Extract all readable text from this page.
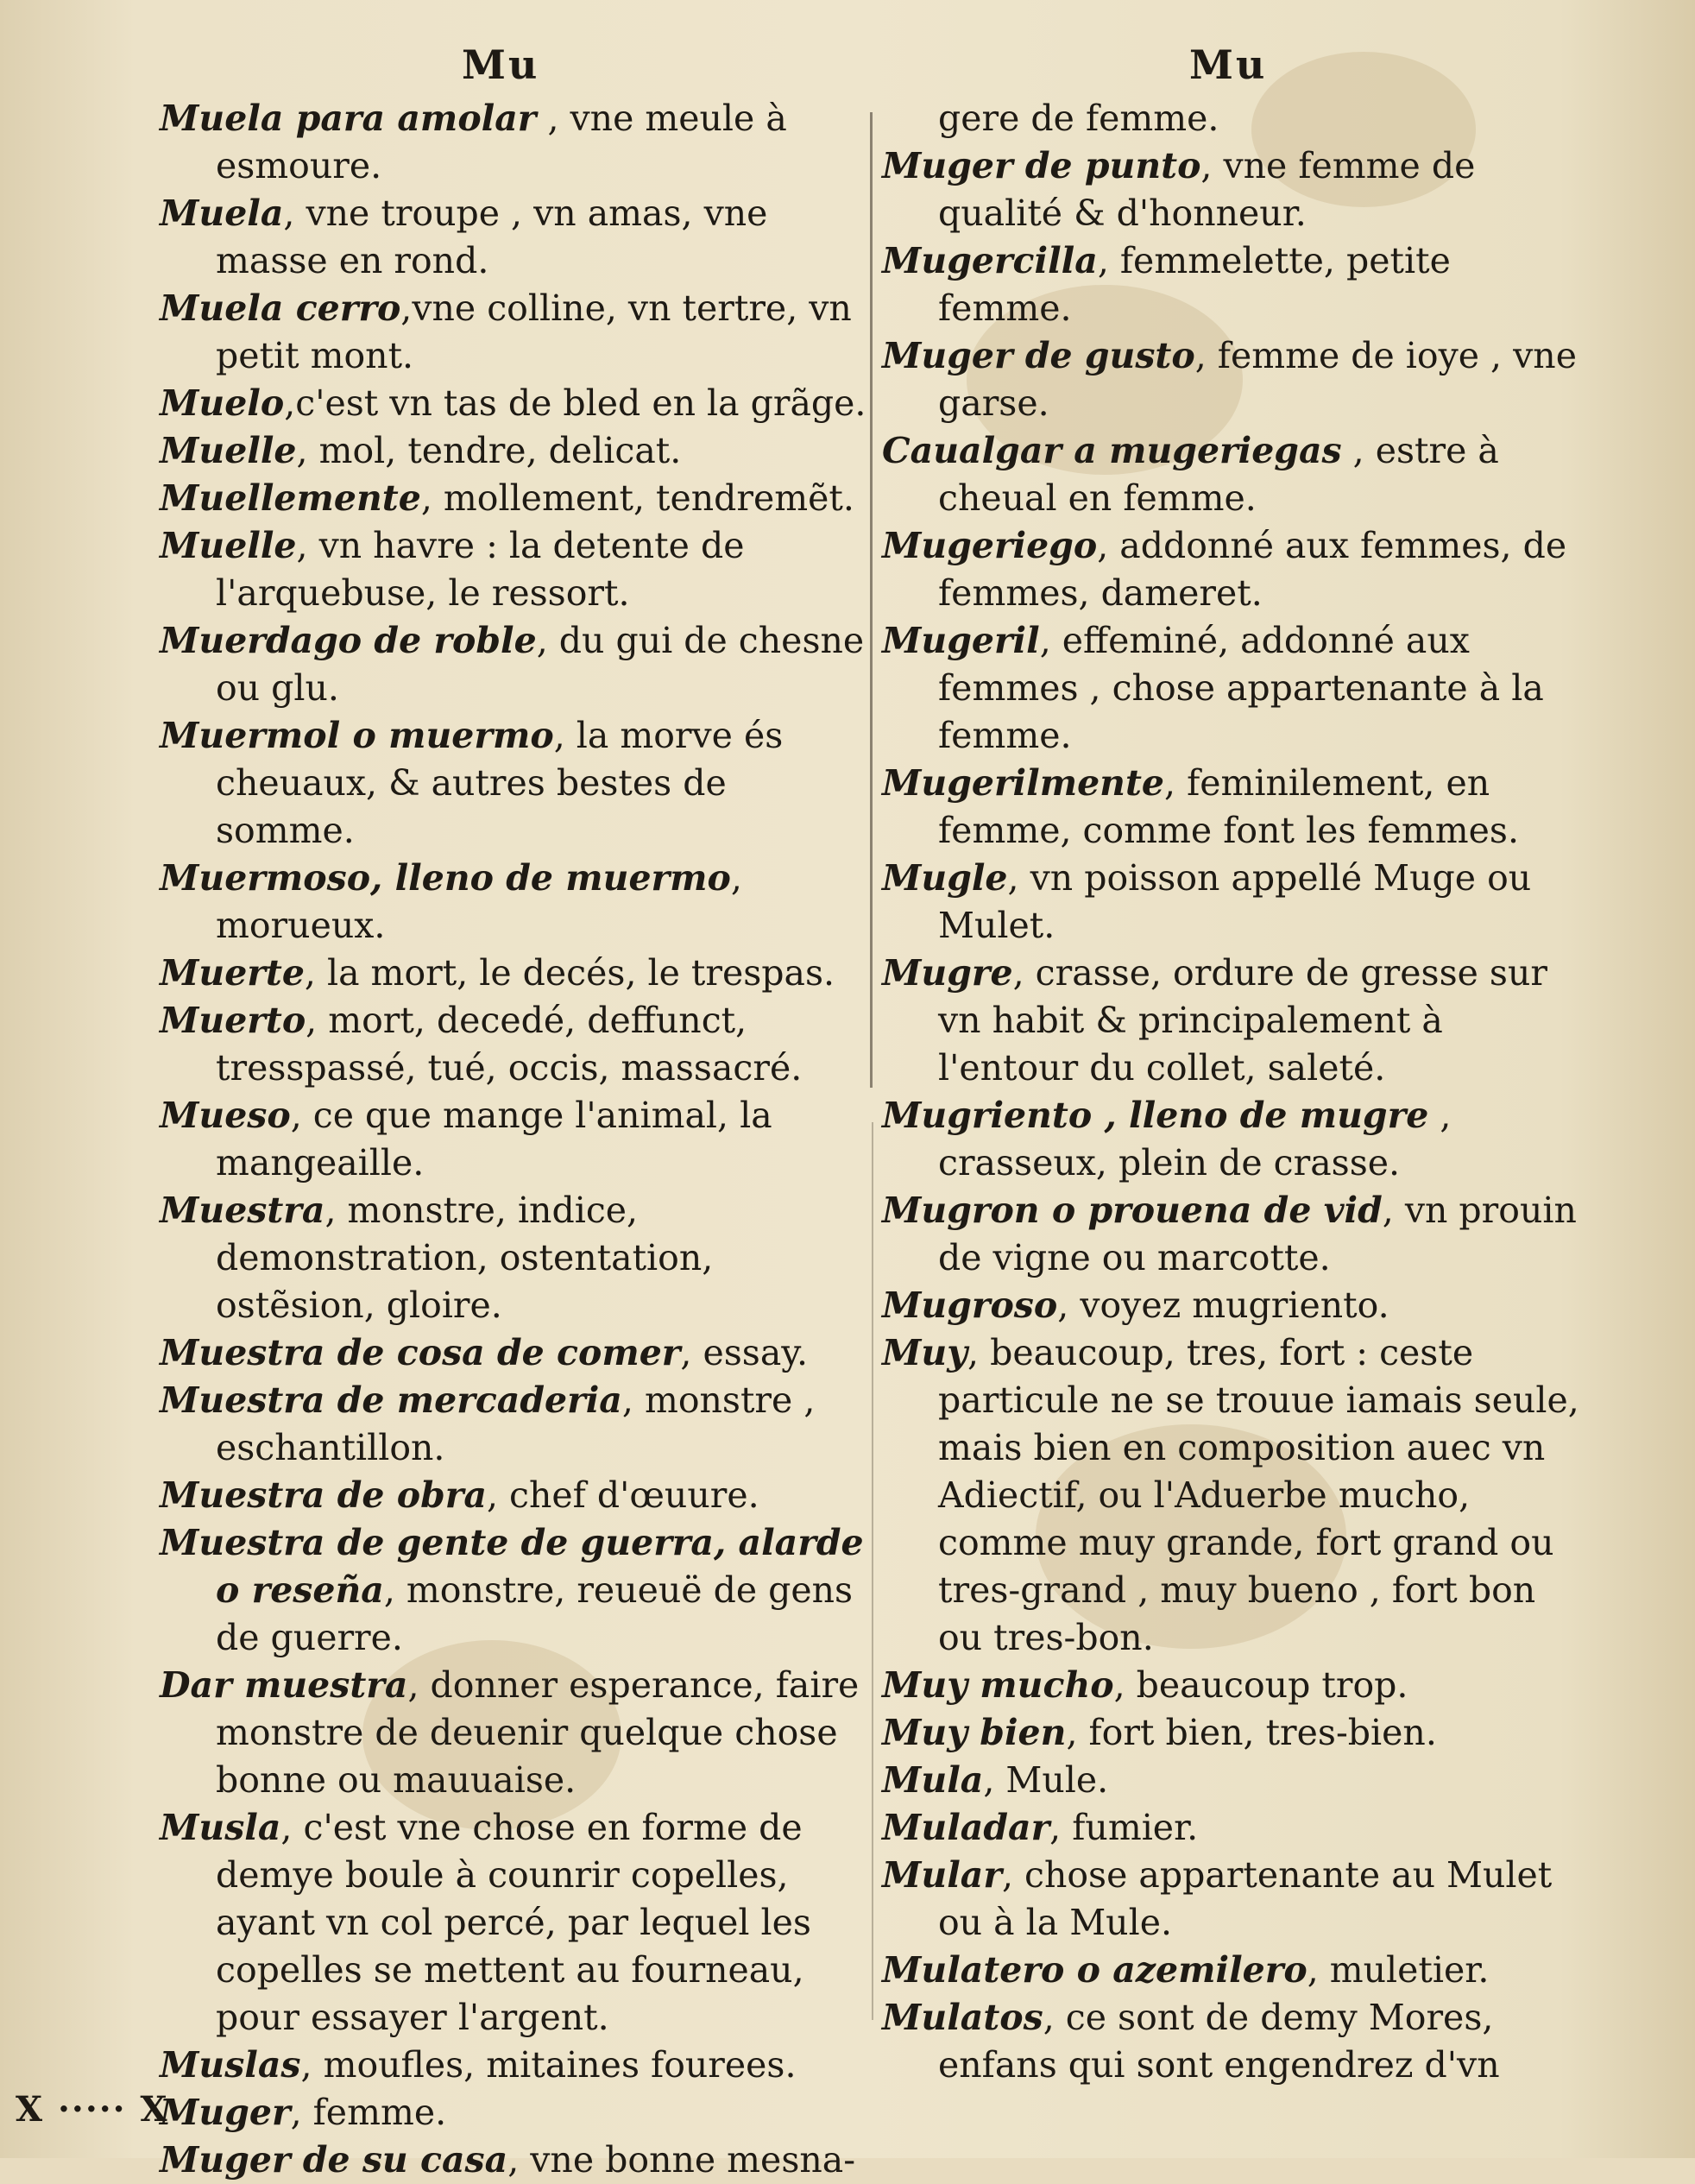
Mu	Mu

Muela para amolar , vne meule à esmoure.

Muela, vne troupe , vn amas, vne masse en rond.

Muela cerro,vne colline, vn tertre, vn petit mont.

Muelo,c'est vn tas de bled en la grãge.

Muelle, mol, tendre, delicat.

Muellemente, mollement, tendremẽt.

Muelle, vn havre : la detente de l'arquebuse, le ressort.

Muerdago de roble, du gui de chesne ou glu.

Muermol o muermo, la morve és cheuaux, & autres bestes de somme.

Muermoso, lleno de muermo, morueux.

Muerte, la mort, le decés, le trespas.

Muerto, mort, decedé, deffunct, tresspassé, tué, occis, massacré.

Mueso, ce que mange l'animal, la mangeaille.

Muestra, monstre, indice, demonstration, ostentation, ostẽsion, gloire.

Muestra de cosa de comer, essay.

Muestra de mercaderia, monstre , eschantillon.

Muestra de obra, chef d'œuure.

Muestra de gente de guerra, alarde o reseña, monstre, reueuë de gens de guerre.

Dar muestra, donner esperance, faire monstre de deuenir quelque chose bonne ou mauuaise.

Musla, c'est vne chose en forme de demye boule à counrir copelles, ayant vn col percé, par lequel les copelles se mettent au fourneau, pour essayer l'argent.

Muslas, moufles, mitaines fourees.

Muger, femme.

Muger de su casa, vne bonne mesna-

gere de femme.

Muger de punto, vne femme de qualité & d'honneur.

Mugercilla, femmelette, petite femme.

Muger de gusto, femme de ioye , vne garse.

Caualgar a mugeriegas , estre à cheual en femme.

Mugeriego, addonné aux femmes, de femmes, dameret.

Mugeril, effeminé, addonné aux femmes , chose appartenante à la femme.

Mugerilmente, feminilement, en femme, comme font les femmes.

Mugle, vn poisson appellé Muge ou Mulet.

Mugre, crasse, ordure de gresse sur vn habit & principalement à l'entour du collet, saleté.

Mugriento , lleno de mugre , crasseux, plein de crasse.

Mugron o prouena de vid, vn prouin de vigne ou marcotte.

Mugroso, voyez mugriento.

Muy, beaucoup, tres, fort : ceste particule ne se trouue iamais seule, mais bien en composition auec vn Adiectif, ou l'Aduerbe mucho, comme muy grande, fort grand ou tres-grand , muy bueno , fort bon ou tres-bon.

Muy mucho, beaucoup trop.

Muy bien, fort bien, tres-bien.

Mula, Mule.

Muladar, fumier.

Mular, chose appartenante au Mulet ou à la Mule.

Mulatero o azemilero, muletier.

Mulatos, ce sont de demy Mores, enfans qui sont engendrez d'vn

X ····· X
